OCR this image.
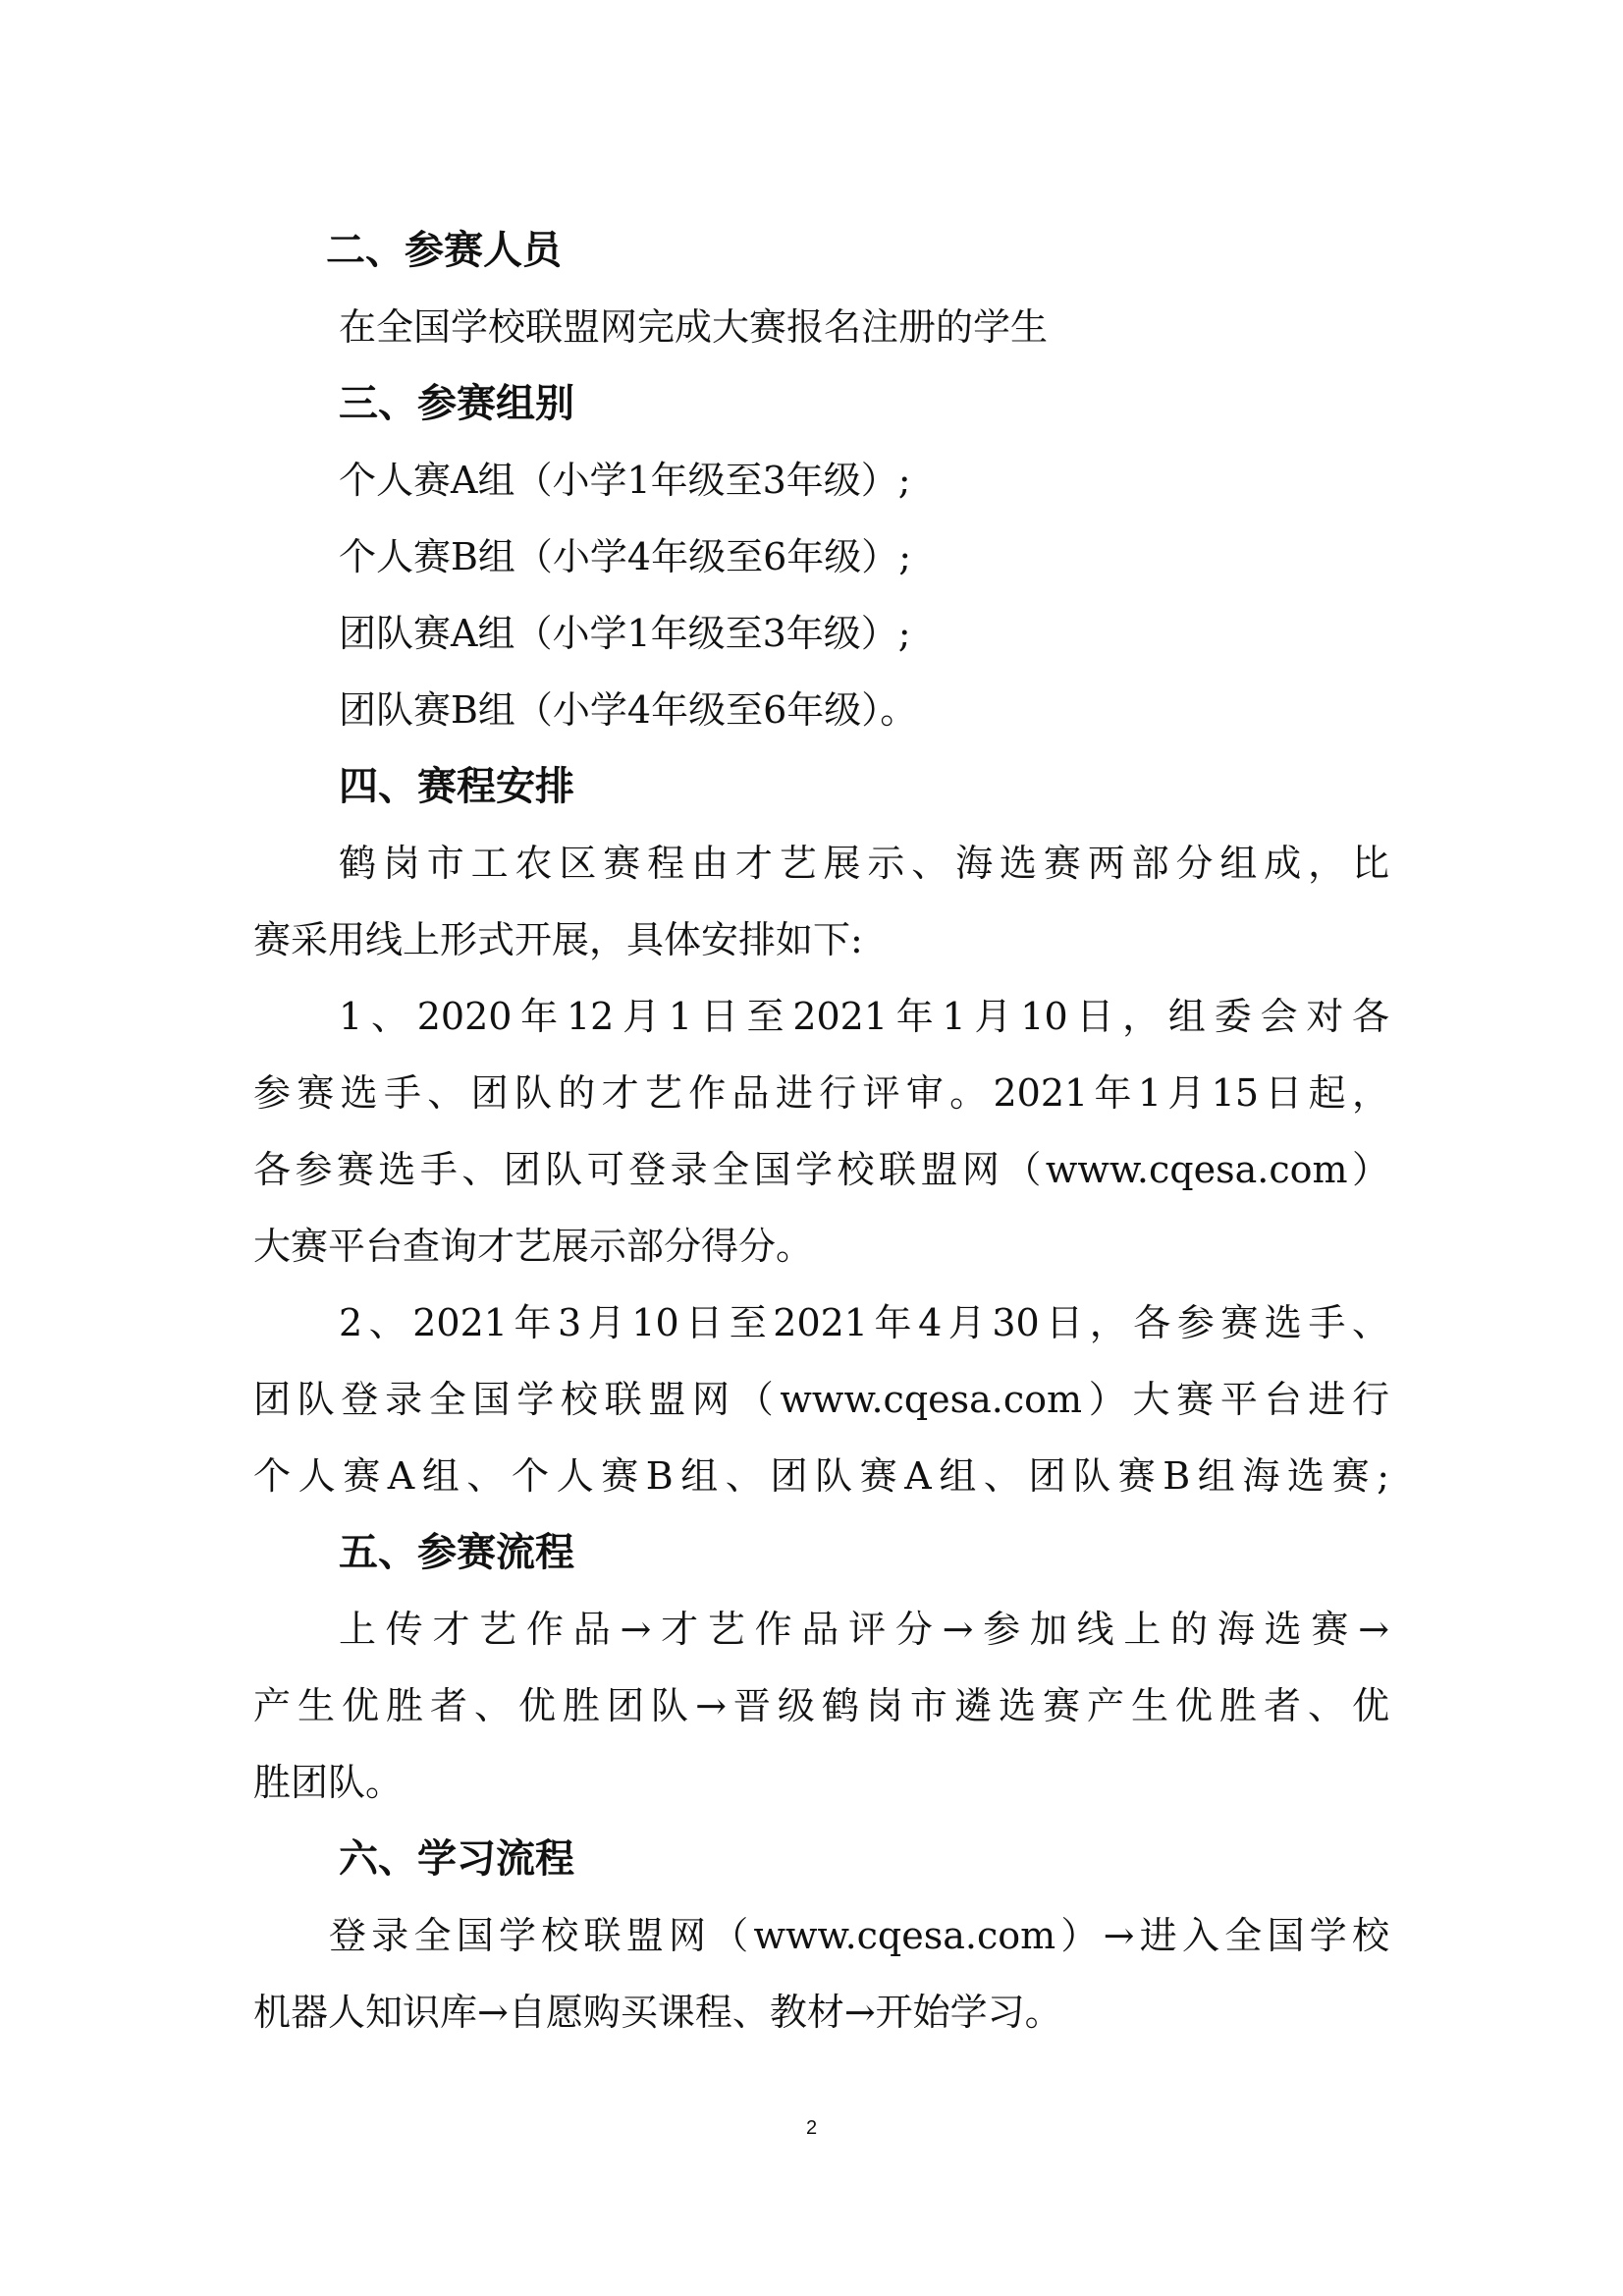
二、参赛人员
在全国学校联盟网完成大赛报名注册的学生
三、参赛组别
个人赛A组（小学1年级至3年级）;
个人赛B组（小学4年级至6年级）;
团队赛A组（小学1年级至3年级）;
团队赛B组（小学4年级至6年级）。
四、赛程安排
鹤岗市工农区赛程由才艺展示、海选赛两部分组成，比
赛采用线上形式开展，具体安排如下:
1、2020年12月1日至2021年1月10日，组委会对各
参赛选手、团队的才艺作品进行评审。2021年1月15日起，
各参赛选手、团队可登录全国学校联盟网（www.cqesa.com）
大赛平台查询才艺展示部分得分。
2、2021年3月10日至2021年4月30日，各参赛选手、
团队登录全国学校联盟网（www.cqesa.com）大赛平台进行
个人赛A组、个人赛B组、团队赛A组、团队赛B组海选赛;
五、参赛流程
上传才艺作品→才艺作品评分→参加线上的海选赛→
产生优胜者、优胜团队→晋级鹤岗市遴选赛产生优胜者、优
胜团队。
六、学习流程
登录全国学校联盟网（www.cqesa.com）→进入全国学校
机器人知识库→自愿购买课程、教材→开始学习。
2
